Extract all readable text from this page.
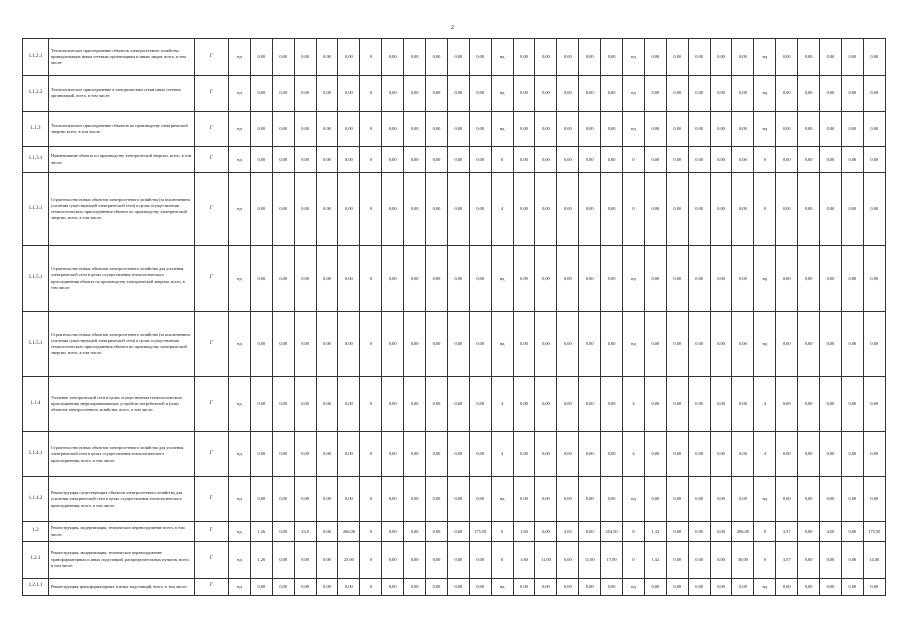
2
1.1.2.1	Технологическое присоединение объектов электросетевого хозяйства, принадлежащих иным сетевым организациям и иным лицам, всего, в том числе:	Г	нд	0,00	0,00	0,00	0,00	0,00	0	0,00	0,00	0,00	0,00	0,00	нд	0,00	0,00	0,00	0,00	0,00	нд	0,00	0,00	0,00	0,00	0,00	нд	0,00	0,00	0,00	0,00	0,00
1.1.2.2	Технологическое присоединение к электрическим сетям иных сетевых организаций, всего, в том числе:	Г	нд	0,00	0,00	0,00	0,00	0,00	0	0,00	0,00	0,00	0,00	0,00	нд	0,00	0,00	0,00	0,00	0,00	нд	0,00	0,00	0,00	0,00	0,00	нд	0,00	0,00	0,00	0,00	0,00
1.1.3	Технологическое присоединение объектов по производству электрической энергии всего, в том числе:	Г	нд	0,00	0,00	0,00	0,00	0,00	0	0,00	0,00	0,00	0,00	0,00	нд	0,00	0,00	0,00	0,00	0,00	нд	0,00	0,00	0,00	0,00	0,00	нд	0,00	0,00	0,00	0,00	0,00
1.1.3.1	Наименование объекта по производству электрической энергии, всего, в том числе:	Г	нд	0,00	0,00	0,00	0,00	0,00	0	0,00	0,00	0,00	0,00	0,00	0	0,00	0,00	0,00	0,00	0,00	0	0,00	0,00	0,00	0,00	0,00	0	0,00	0,00	0,00	0,00	0,00
1.1.3.1	Строительство новых объектов электросетевого хозяйства (за исключением усиления существующей электрической сети) в целях осуществления технологического присоединения объекта по производству электрической энергии, всего, в том числе:	Г	нд	0,00	0,00	0,00	0,00	0,00	0	0,00	0,00	0,00	0,00	0,00	4	0,00	0,00	0,00	0,00	0,00	0	0,00	0,00	0,00	0,00	0,00	0	0,00	0,00	0,00	0,00	0,00
1.1.5.1	Строительство новых объектов электросетевого хозяйства для усиления электрической сети в целях осуществления технологического присоединения объекта по производству электрической энергии, всего, в том числе:	Г	нд	0,00	0,00	0,00	0,00	0,00	0	0,00	0,00	0,00	0,00	0,00	нд	0,00	0,00	0,00	0,00	0,00	нд	0,00	0,00	0,00	0,00	0,00	нд	0,00	0,00	0,00	0,00	0,00
1.1.5.1	Строительство новых объектов электросетевого хозяйства (за исключением усиления существующей электрической сети) в целях осуществления технологического присоединения объекта по производству электрической энергии, всего, в том числе:	Г	нд	0,00	0,00	0,00	0,00	0,00	0	0,00	0,00	0,00	0,00	0,00	нд	0,00	0,00	0,00	0,00	0,00	нд	0,00	0,00	0,00	0,00	0,00	нд	0,00	0,00	0,00	0,00	0,00
1.1.4	Усиление электрической сети в целях осуществления технологического присоединения энергопринимающих устройств потребителей и (или) объектов электросетевого хозяйства, всего, в том числе:	Г	нд	0,00	0,00	0,00	0,00	0,00	0	0,00	0,00	0,00	0,00	0,00	4	0,00	0,00	0,00	0,00	0,00	4	0,00	0,00	0,00	0,00	0,00	4	0,00	0,00	0,00	0,00	0,00
1.1.4.1	Строительство новых объектов электросетевого хозяйства для усиления электрической сети в целях осуществления технологического присоединения, всего, в том числе:	Г	нд	0,00	0,00	0,00	0,00	0,00	0	0,00	0,00	0,00	0,00	0,00	4	0,00	0,00	0,00	0,00	0,00	4	0,00	0,00	0,00	0,00	0,00	4	0,00	0,00	0,00	0,00	0,00
1.1.4.2	Реконструкция существующих объектов электросетевого хозяйства для усиления электрической сети в целях осуществления технологического присоединения, всего, в том числе:	Г	нд	0,00	0,00	0,00	0,00	0,00	0	0,00	0,00	0,00	0,00	0,00	нд	0,00	0,00	0,00	0,00	0,00	нд	0,00	0,00	0,00	0,00	0,00	нд	0,00	0,00	0,00	0,00	0,00
1.2	Реконструкция, модернизация, техническое перевооружение всего, в том числе:	Г	нд	1,26	0,00	23,0	0,00	266,00	0	0,00	0,00	0,00	0,00	175,50	0	1,60	0,00	3,65	0,00	254,50	0	1,32	0,00	0,00	0,00	206,00	0	3,57	0,00	4,50	0,00	175,50
1.2.1	Реконструкция, модернизация, техническое перевооружение трансформаторных и иных подстанций, распределительных пунктов, всего, в том числе:	Г	нд	1,26	0,00	0,00	0,00	25,00	0	0,00	0,00	0,00	0,00	0,00	0	1,60	11,00	0,00	11,00	17,00	0	1,32	0,00	0,00	0,00	30,00	0	3,57	0,00	0,00	0,00	14,00
1.2.1.1	Реконструкция трансформаторных и иных подстанций, всего, в том числе:	Г	нд	0,00	0,00	0,00	0,00	0,00	0	0,00	0,00	0,00	0,00	0,00	нд	0,00	0,00	0,00	0,00	0,00	нд	0,00	0,00	0,00	0,00	0,00	нд	0,00	0,00	0,00	0,00	0,00
